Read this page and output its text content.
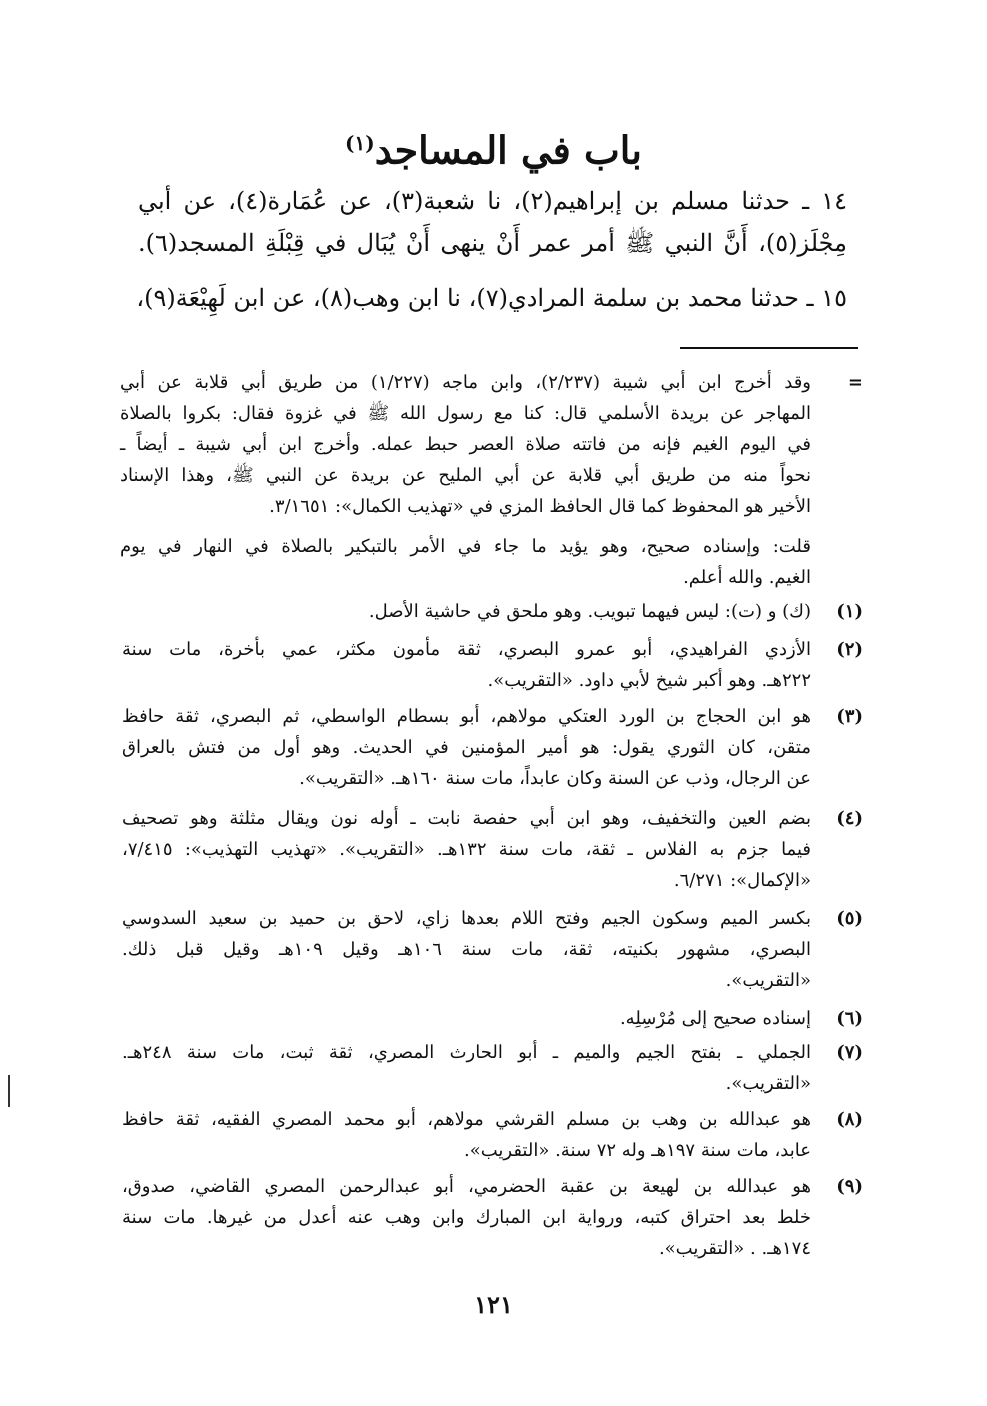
باب في المساجد$^{(١)}$
١٤ ـ حدثنا مسلم بن إبراهيم(٢)، نا شعبة(٣)، عن عُمَارة(٤)، عن أبي
مِجْلَز(٥)، أَنَّ النبي ﷺ أمر عمر أَنْ ينهى أَنْ يُبَال في قِبْلَةِ المسجد(٦).
١٥ ـ حدثنا محمد بن سلمة المرادي(٧)، نا ابن وهب(٨)، عن ابن لَهِيْعَة(٩)،
=
وقد أخرج ابن أبي شيبة (٢/٢٣٧)، وابن ماجه (١/٢٢٧) من طريق أبي قلابة عن أبي
المهاجر عن بريدة الأسلمي قال: كنا مع رسول الله ﷺ في غزوة فقال: بكروا بالصلاة
في اليوم الغيم فإنه من فاتته صلاة العصر حبط عمله. وأخرج ابن أبي شيبة ـ أيضاً ـ
نحواً منه من طريق أبي قلابة عن أبي المليح عن بريدة عن النبي ﷺ، وهذا الإسناد
الأخير هو المحفوظ كما قال الحافظ المزي في «تهذيب الكمال»: ٣/١٦٥١.
قلت: وإسناده صحيح، وهو يؤيد ما جاء في الأمر بالتبكير بالصلاة في النهار في يوم
الغيم. والله أعلم.
(١)
(ك) و (ت): ليس فيهما تبويب. وهو ملحق في حاشية الأصل.
(٢)
الأزدي الفراهيدي، أبو عمرو البصري، ثقة مأمون مكثر، عمي بأخرة، مات سنة
٢٢٢هـ. وهو أكبر شيخ لأبي داود. «التقريب».
(٣)
هو ابن الحجاج بن الورد العتكي مولاهم، أبو بسطام الواسطي، ثم البصري، ثقة حافظ
متقن، كان الثوري يقول: هو أمير المؤمنين في الحديث. وهو أول من فتش بالعراق
عن الرجال، وذب عن السنة وكان عابداً، مات سنة ١٦٠هـ. «التقريب».
(٤)
بضم العين والتخفيف، وهو ابن أبي حفصة نابت ـ أوله نون ويقال مثلثة وهو تصحيف
فيما جزم به الفلاس ـ ثقة، مات سنة ١٣٢هـ. «التقريب». «تهذيب التهذيب»: ٧/٤١٥،
«الإكمال»: ٦/٢٧١.
(٥)
بكسر الميم وسكون الجيم وفتح اللام بعدها زاي، لاحق بن حميد بن سعيد السدوسي
البصري، مشهور بكنيته، ثقة، مات سنة ١٠٦هـ وقيل ١٠٩هـ وقيل قبل ذلك.
«التقريب».
(٦)
إسناده صحيح إلى مُرْسِلِه.
(٧)
الجملي ـ بفتح الجيم والميم ـ أبو الحارث المصري، ثقة ثبت، مات سنة ٢٤٨هـ.
«التقريب».
(٨)
هو عبدالله بن وهب بن مسلم القرشي مولاهم، أبو محمد المصري الفقيه، ثقة حافظ
عابد، مات سنة ١٩٧هـ وله ٧٢ سنة. «التقريب».
(٩)
هو عبدالله بن لهيعة بن عقبة الحضرمي، أبو عبدالرحمن المصري القاضي، صدوق،
خلط بعد احتراق كتبه، ورواية ابن المبارك وابن وهب عنه أعدل من غيرها. مات سنة
١٧٤هـ. . «التقريب».
١٢١
